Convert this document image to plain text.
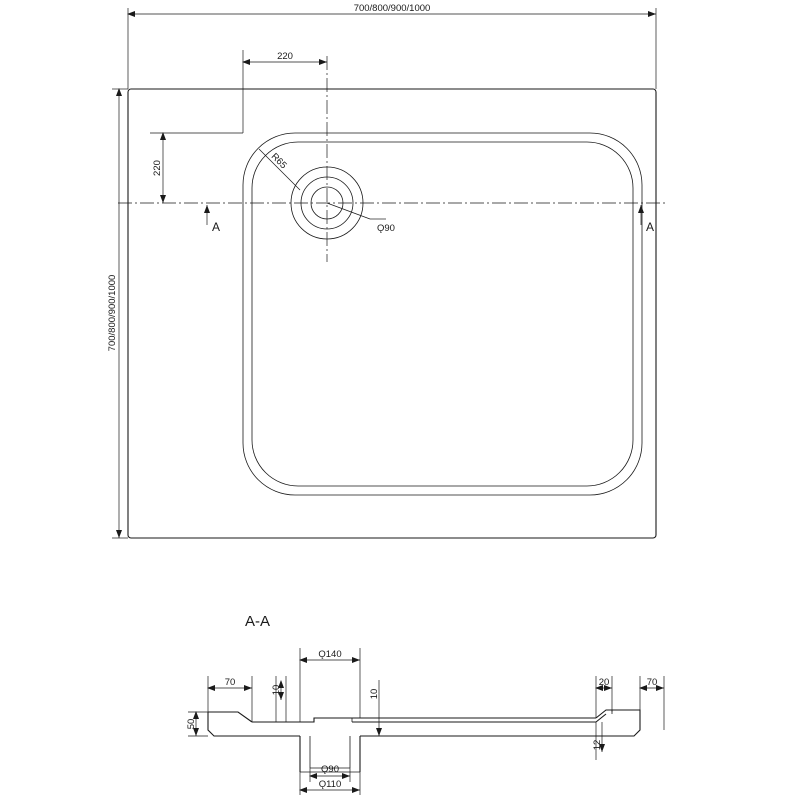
A	A
700/800/900/1000
220
220
700/800/900/1000
R65
Ǫ90
A-A
Ǫ140
70
10	10
50
20	70
12
Ǫ90
Ǫ110
